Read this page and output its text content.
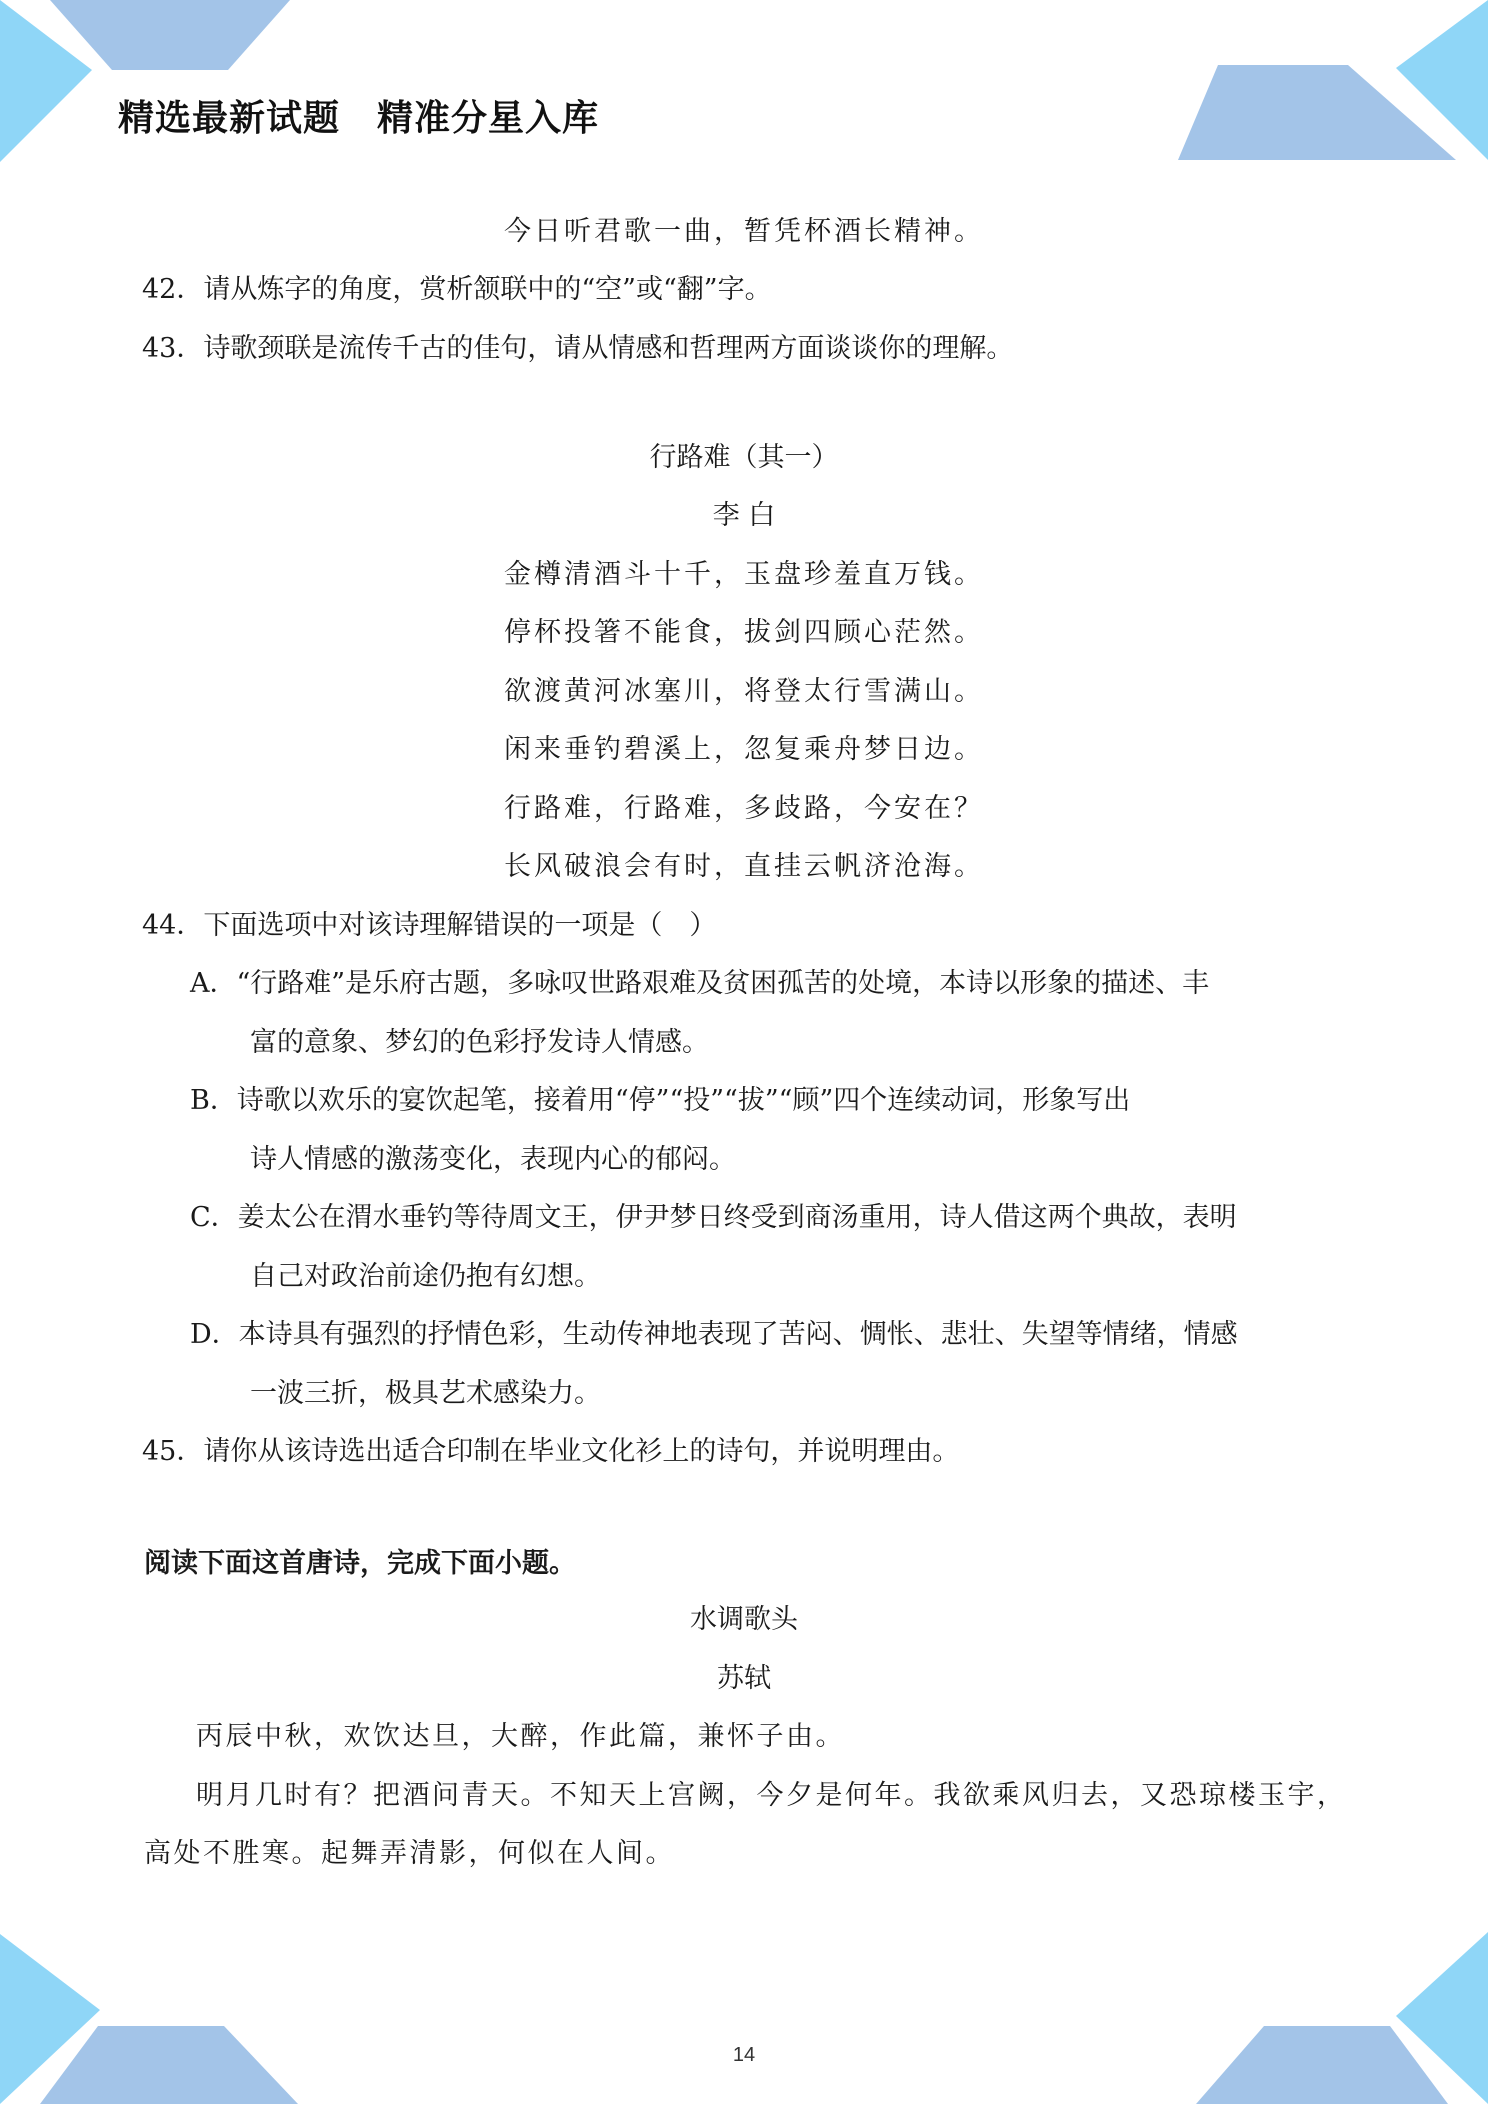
精选最新试题　精准分星入库
今日听君歌一曲，暂凭杯酒长精神。
42．请从炼字的角度，赏析颔联中的“空”或“翻”字。
43．诗歌颈联是流传千古的佳句，请从情感和哲理两方面谈谈你的理解。
行路难（其一）
李 白
金樽清酒斗十千，玉盘珍羞直万钱。
停杯投箸不能食，拔剑四顾心茫然。
欲渡黄河冰塞川，将登太行雪满山。
闲来垂钓碧溪上，忽复乘舟梦日边。
行路难，行路难，多歧路，今安在？
长风破浪会有时，直挂云帆济沧海。
44．下面选项中对该诗理解错误的一项是（　）
A．“行路难”是乐府古题，多咏叹世路艰难及贫困孤苦的处境，本诗以形象的描述、丰
富的意象、梦幻的色彩抒发诗人情感。
B．诗歌以欢乐的宴饮起笔，接着用“停”“投”“拔”“顾”四个连续动词，形象写出
诗人情感的激荡变化，表现内心的郁闷。
C．姜太公在渭水垂钓等待周文王，伊尹梦日终受到商汤重用，诗人借这两个典故，表明
自己对政治前途仍抱有幻想。
D．本诗具有强烈的抒情色彩，生动传神地表现了苦闷、惆怅、悲壮、失望等情绪，情感
一波三折，极具艺术感染力。
45．请你从该诗选出适合印制在毕业文化衫上的诗句，并说明理由。
阅读下面这首唐诗，完成下面小题。
水调歌头
苏轼
丙辰中秋，欢饮达旦，大醉，作此篇，兼怀子由。
明月几时有？把酒问青天。不知天上宫阙，今夕是何年。我欲乘风归去，又恐琼楼玉宇，
高处不胜寒。起舞弄清影，何似在人间。
14
